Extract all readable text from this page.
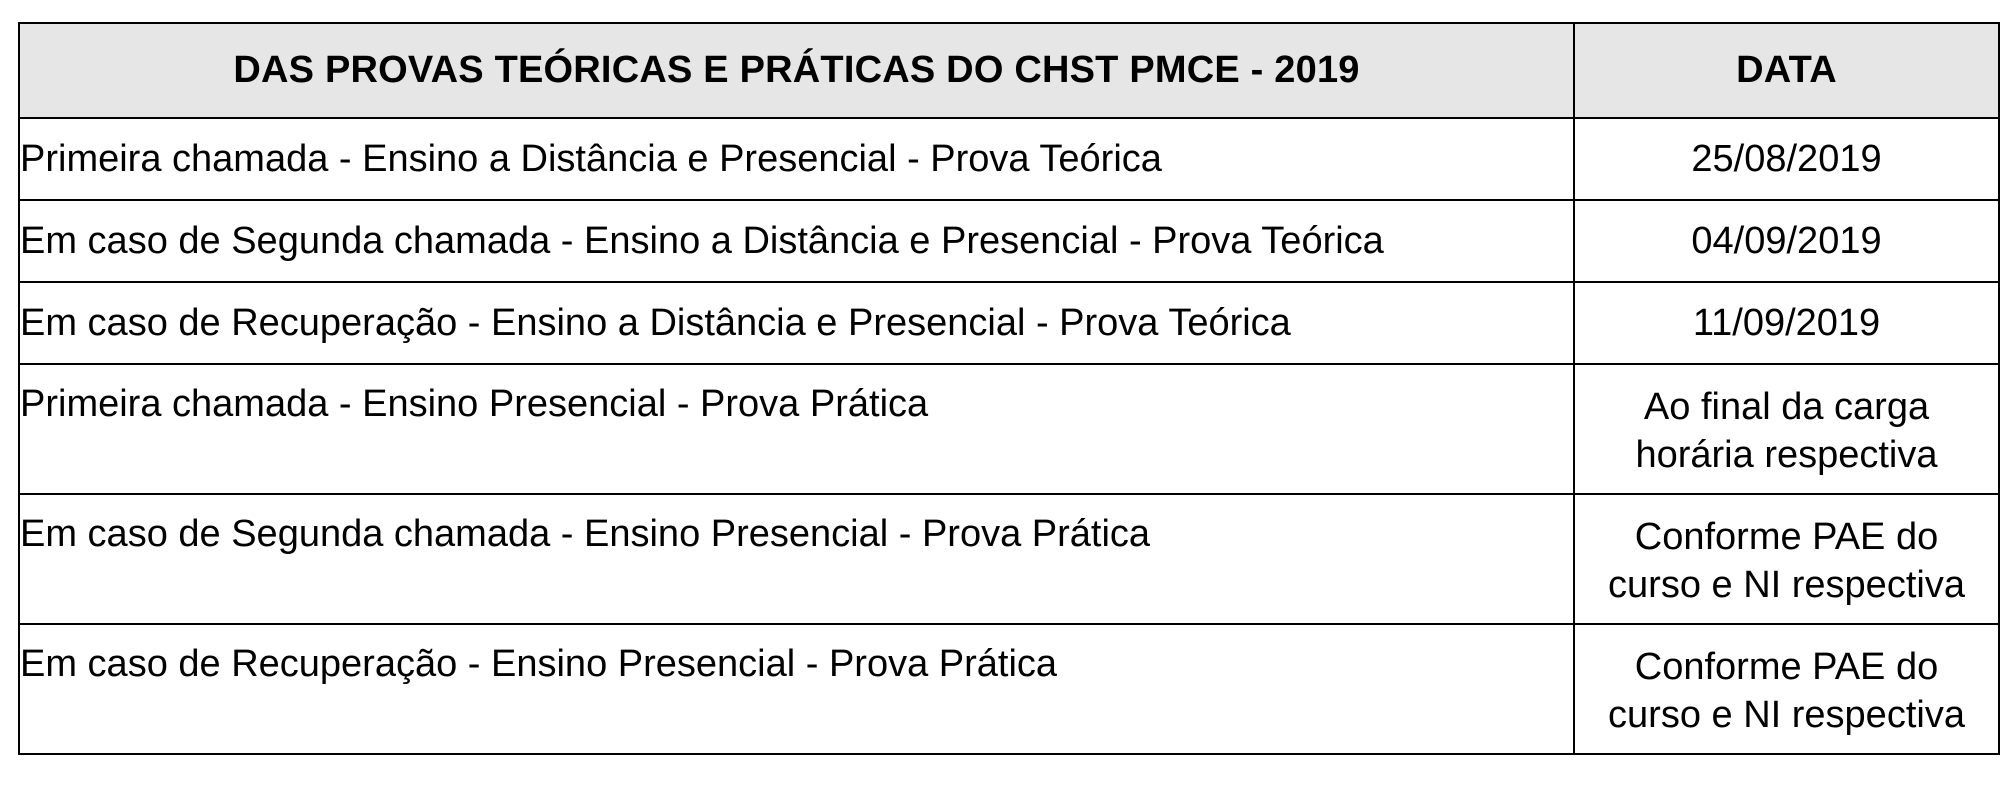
DAS PROVAS TEÓRICAS E PRÁTICAS DO CHST PMCE - 2019	DATA
Primeira chamada - Ensino a Distância e Presencial - Prova Teórica	25/08/2019
Em caso de Segunda chamada - Ensino a Distância e Presencial - Prova Teórica	04/09/2019
Em caso de Recuperação - Ensino a Distância e Presencial - Prova Teórica	11/09/2019
Primeira chamada - Ensino Presencial - Prova Prática	Ao final da carga horária respectiva
Em caso de Segunda chamada - Ensino Presencial - Prova Prática	Conforme PAE do curso e NI respectiva
Em caso de Recuperação - Ensino Presencial - Prova Prática	Conforme PAE do curso e NI respectiva
